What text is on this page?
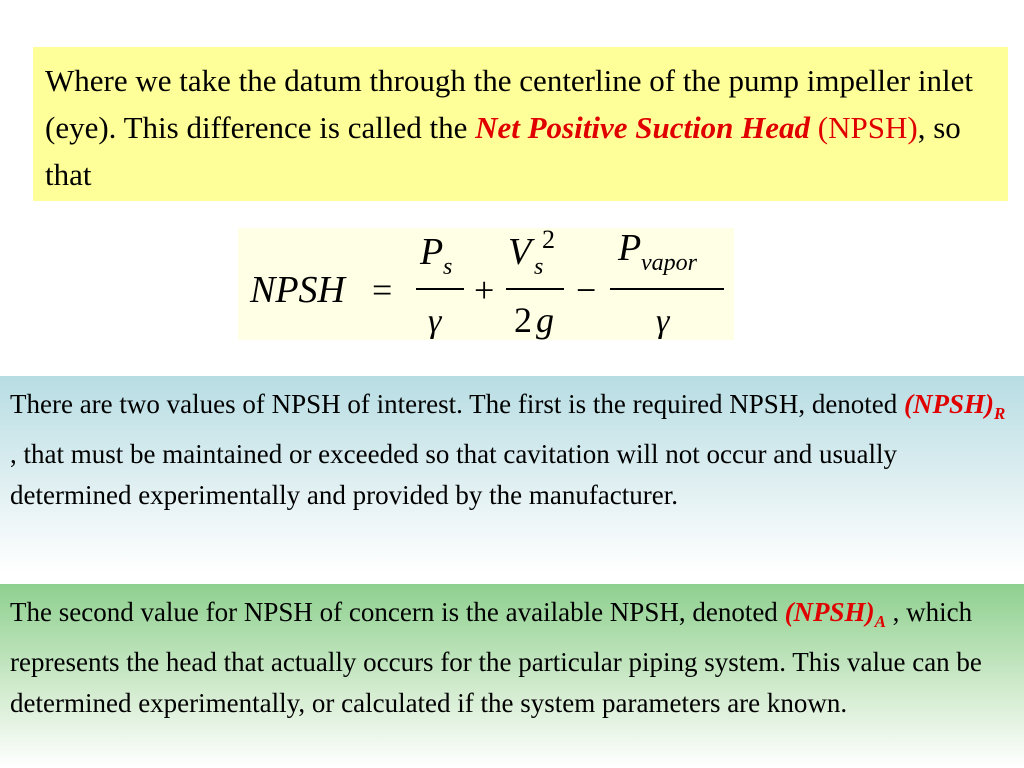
Where we take the datum through the centerline of the pump impeller inlet (eye). This difference is called the Net Positive Suction Head (NPSH), so that
NPSH =
P s
γ
+
V s
2
2 g
−
P vapor
γ
There are two values of NPSH of interest. The first is the required NPSH, denoted $(NPSH)_R$ , that must be maintained or exceeded so that cavitation will not occur and usually determined experimentally and provided by the manufacturer.
The second value for NPSH of concern is the available NPSH, denoted $(NPSH)_A$ , which represents the head that actually occurs for the particular piping system. This value can be determined experimentally, or calculated if the system parameters are known.
